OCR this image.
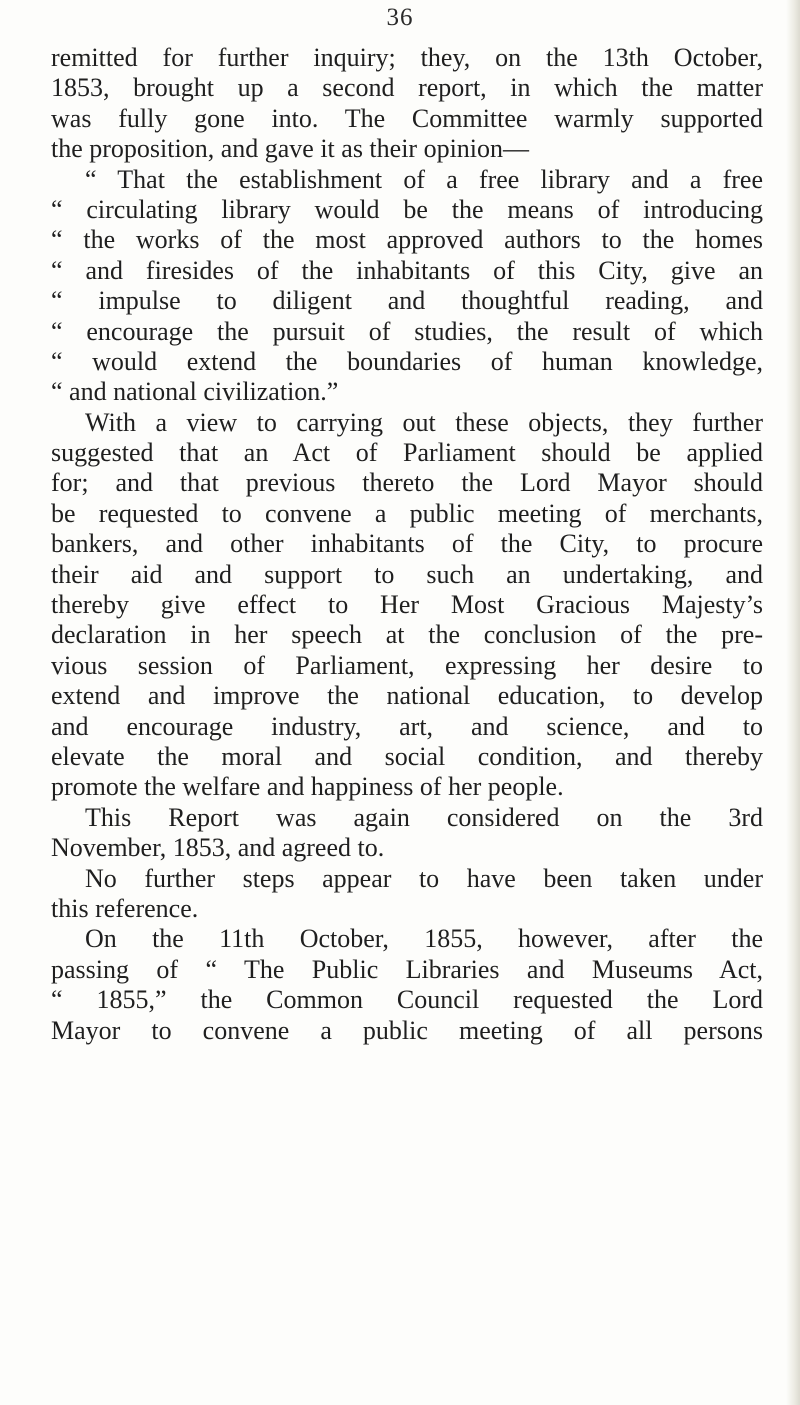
36
remitted for further inquiry; they, on the 13th October,
1853, brought up a second report, in which the matter
was fully gone into. The Committee warmly supported
the proposition, and gave it as their opinion—
“ That the establishment of a free library and a free
“ circulating library would be the means of introducing
“ the works of the most approved authors to the homes
“ and firesides of the inhabitants of this City, give an
“ impulse to diligent and thoughtful reading, and
“ encourage the pursuit of studies, the result of which
“ would extend the boundaries of human knowledge,
“ and national civilization.”
With a view to carrying out these objects, they further
suggested that an Act of Parliament should be applied
for; and that previous thereto the Lord Mayor should
be requested to convene a public meeting of merchants,
bankers, and other inhabitants of the City, to procure
their aid and support to such an undertaking, and
thereby give effect to Her Most Gracious Majesty’s
declaration in her speech at the conclusion of the pre-
vious session of Parliament, expressing her desire to
extend and improve the national education, to develop
and encourage industry, art, and science, and to
elevate the moral and social condition, and thereby
promote the welfare and happiness of her people.
This Report was again considered on the 3rd
November, 1853, and agreed to.
No further steps appear to have been taken under
this reference.
On the 11th October, 1855, however, after the
passing of “ The Public Libraries and Museums Act,
“ 1855,” the Common Council requested the Lord
Mayor to convene a public meeting of all persons
